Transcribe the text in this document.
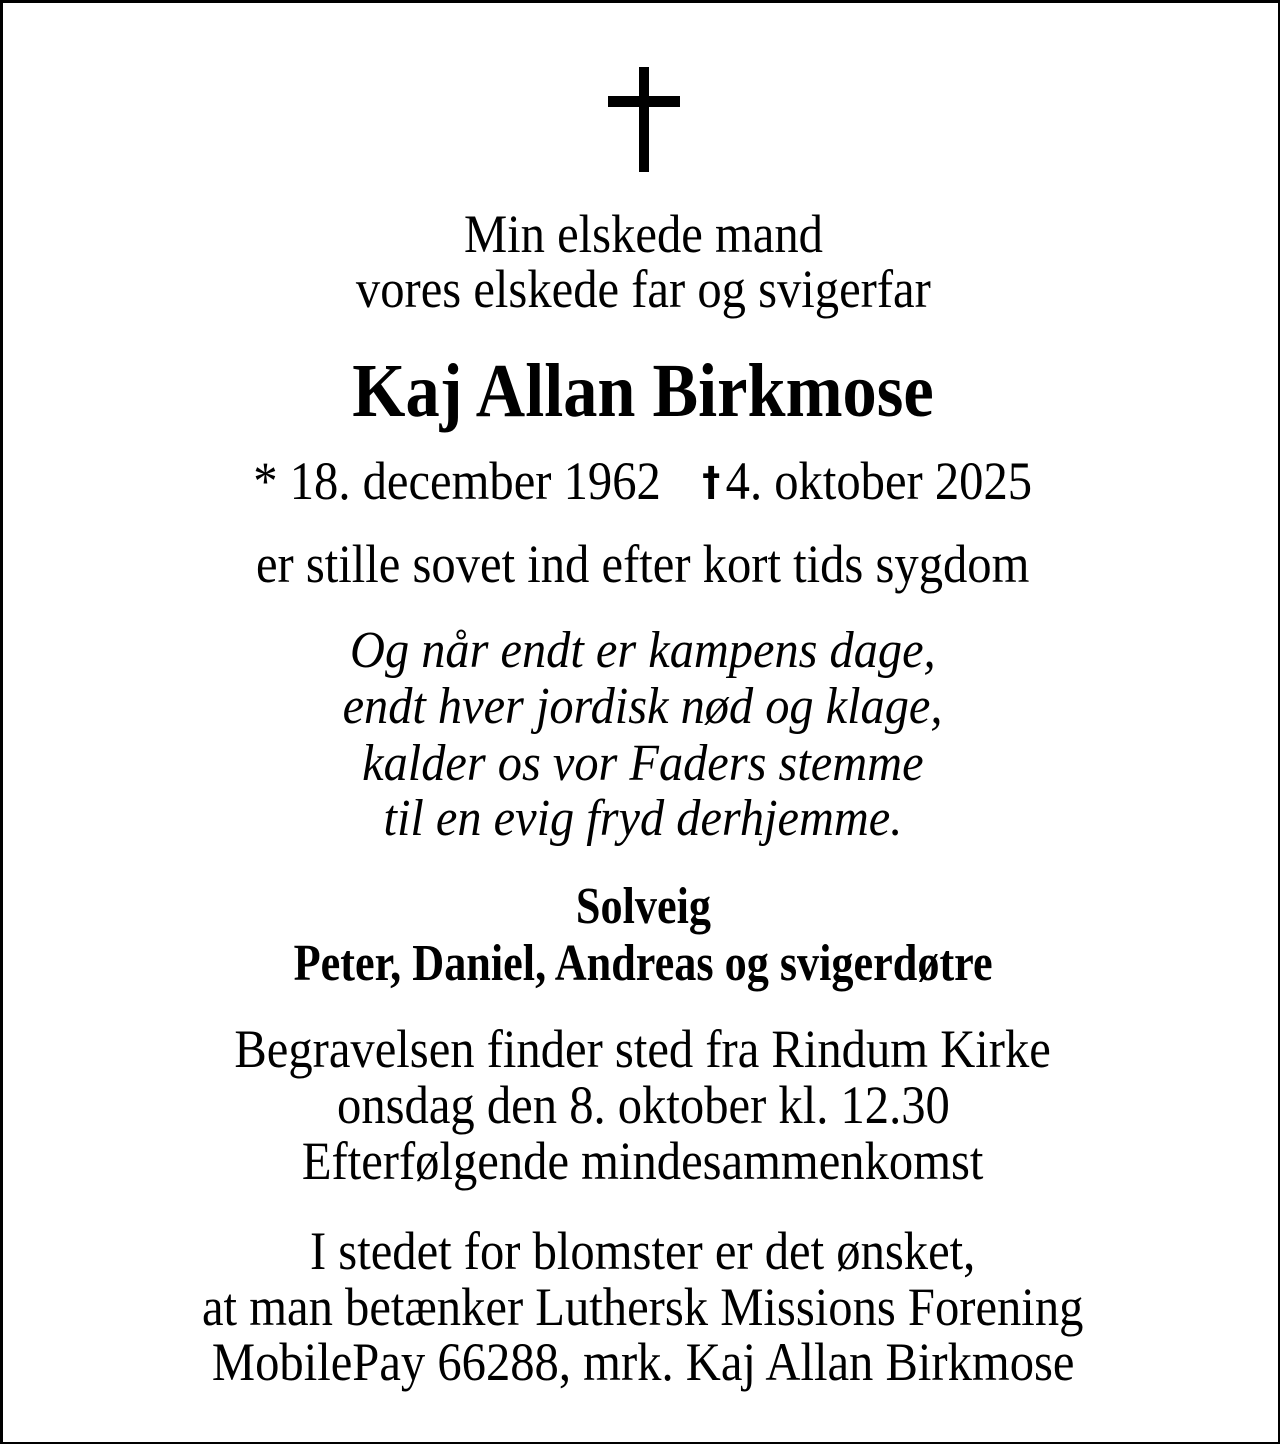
Min elskede mand
vores elskede far og svigerfar
Kaj Allan Birkmose
* 18. december 1962 † 4. oktober 2025
er stille sovet ind efter kort tids sygdom
Og når endt er kampens dage,
endt hver jordisk nød og klage,
kalder os vor Faders stemme
til en evig fryd derhjemme.
Solveig
Peter, Daniel, Andreas og svigerdøtre
Begravelsen finder sted fra Rindum Kirke
onsdag den 8. oktober kl. 12.30
Efterfølgende mindesammenkomst
I stedet for blomster er det ønsket,
at man betænker Luthersk Missions Forening
MobilePay 66288, mrk. Kaj Allan Birkmose
